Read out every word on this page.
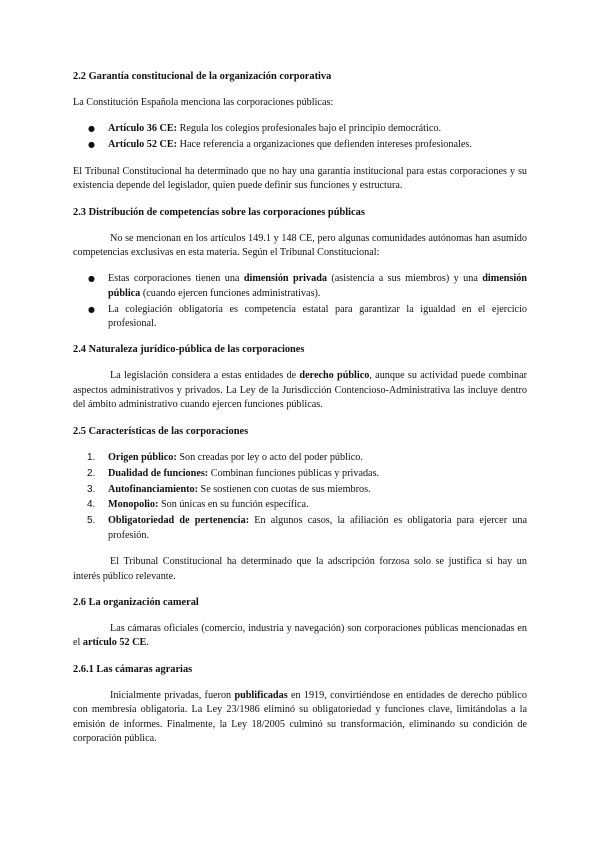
2.2 Garantía constitucional de la organización corporativa

La Constitución Española menciona las corporaciones públicas:

● Artículo 36 CE: Regula los colegios profesionales bajo el principio democrático.
● Artículo 52 CE: Hace referencia a organizaciones que defienden intereses profesionales.

El Tribunal Constitucional ha determinado que no hay una garantía institucional para estas corporaciones y su existencia depende del legislador, quien puede definir sus funciones y estructura.

2.3 Distribución de competencias sobre las corporaciones públicas

No se mencionan en los artículos 149.1 y 148 CE, pero algunas comunidades autónomas han asumido competencias exclusivas en esta materia. Según el Tribunal Constitucional:

● Estas corporaciones tienen una dimensión privada (asistencia a sus miembros) y una dimensión pública (cuando ejercen funciones administrativas).
● La colegiación obligatoria es competencia estatal para garantizar la igualdad en el ejercicio profesional.
2.4 Naturaleza jurídico-pública de las corporaciones

La legislación considera a estas entidades de derecho público, aunque su actividad puede combinar aspectos administrativos y privados. La Ley de la Jurisdicción Contencioso-Administrativa las incluye dentro del ámbito administrativo cuando ejercen funciones públicas.

2.5 Características de las corporaciones
1. Origen público: Son creadas por ley o acto del poder público.
2. Dualidad de funciones: Combinan funciones públicas y privadas.
3. Autofinanciamiento: Se sostienen con cuotas de sus miembros.
4. Monopolio: Son únicas en su función específica.
5. Obligatoriedad de pertenencia: En algunos casos, la afiliación es obligatoria para ejercer una profesión.

El Tribunal Constitucional ha determinado que la adscripción forzosa solo se justifica si hay un interés público relevante.

2.6 La organización cameral

Las cámaras oficiales (comercio, industria y navegación) son corporaciones públicas mencionadas en el artículo 52 CE.

2.6.1 Las cámaras agrarias

Inicialmente privadas, fueron publificadas en 1919, convirtiéndose en entidades de derecho público con membresía obligatoria. La Ley 23/1986 eliminó su obligatoriedad y funciones clave, limitándolas a la emisión de informes. Finalmente, la Ley 18/2005 culminó su transformación, eliminando su condición de corporación pública.
